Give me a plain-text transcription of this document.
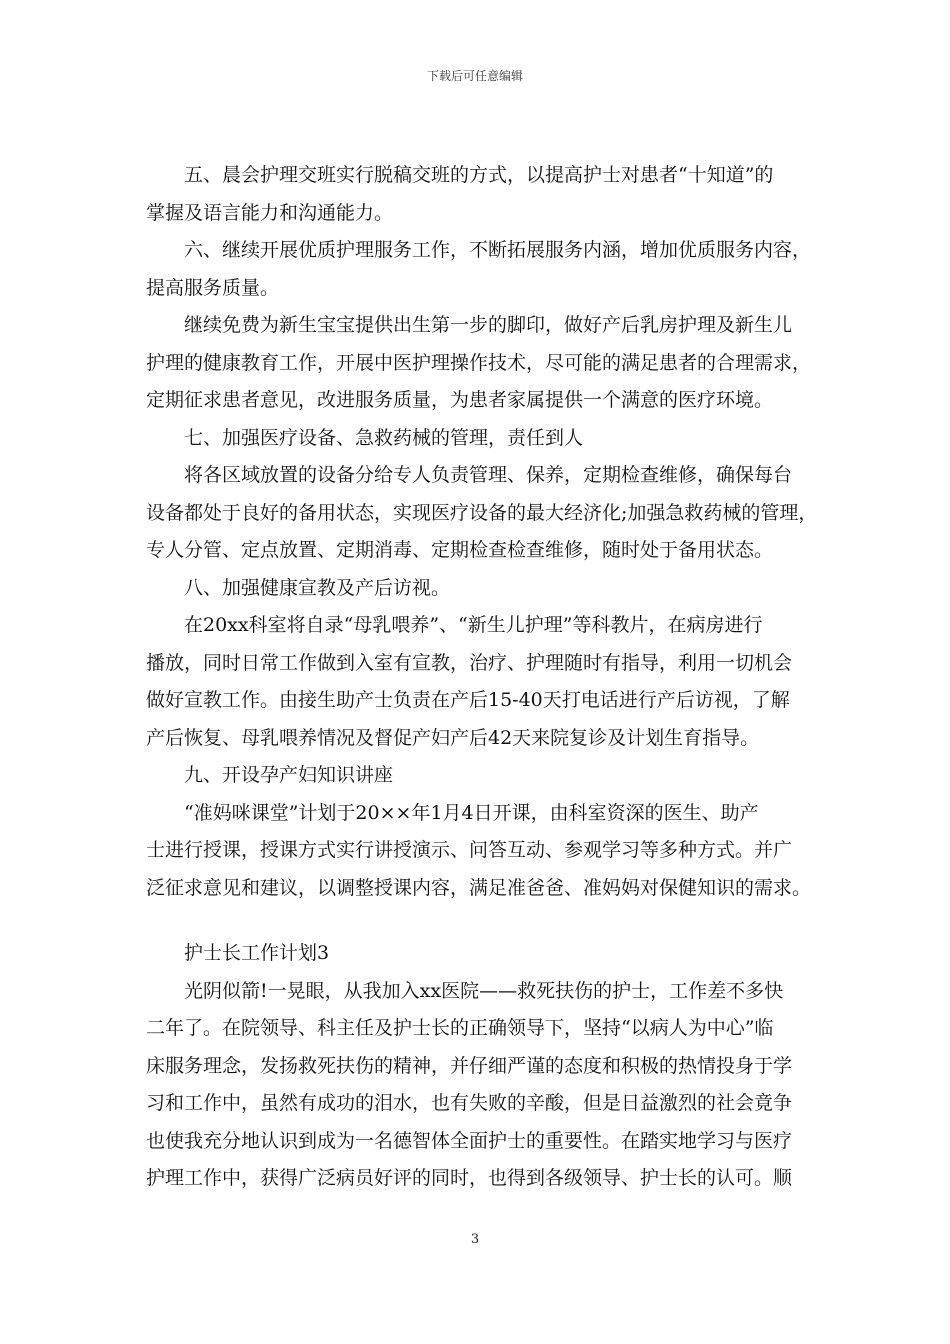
下载后可任意编辑
五、晨会护理交班实行脱稿交班的方式，以提高护士对患者“十知道”的
掌握及语言能力和沟通能力。
六、继续开展优质护理服务工作，不断拓展服务内涵，增加优质服务内容，
提高服务质量。
继续免费为新生宝宝提供出生第一步的脚印，做好产后乳房护理及新生儿
护理的健康教育工作，开展中医护理操作技术，尽可能的满足患者的合理需求，
定期征求患者意见，改进服务质量，为患者家属提供一个满意的医疗环境。
七、加强医疗设备、急救药械的管理，责任到人
将各区域放置的设备分给专人负责管理、保养，定期检查维修，确保每台
设备都处于良好的备用状态，实现医疗设备的最大经济化;加强急救药械的管理，
专人分管、定点放置、定期消毒、定期检查检查维修，随时处于备用状态。
八、加强健康宣教及产后访视。
在20xx科室将自录“母乳喂养”、“新生儿护理”等科教片，在病房进行
播放，同时日常工作做到入室有宣教，治疗、护理随时有指导，利用一切机会
做好宣教工作。由接生助产士负责在产后15-40天打电话进行产后访视，了解
产后恢复、母乳喂养情况及督促产妇产后42天来院复诊及计划生育指导。
九、开设孕产妇知识讲座
“准妈咪课堂”计划于20××年1月4日开课，由科室资深的医生、助产
士进行授课，授课方式实行讲授演示、问答互动、参观学习等多种方式。并广
泛征求意见和建议，以调整授课内容，满足准爸爸、准妈妈对保健知识的需求。
护士长工作计划3
光阴似箭!一晃眼，从我加入xx医院——救死扶伤的护士，工作差不多快
二年了。在院领导、科主任及护士长的正确领导下，坚持“以病人为中心”临
床服务理念，发扬救死扶伤的精神，并仔细严谨的态度和积极的热情投身于学
习和工作中，虽然有成功的泪水，也有失败的辛酸，但是日益激烈的社会竟争
也使我充分地认识到成为一名德智体全面护士的重要性。在踏实地学习与医疗
护理工作中，获得广泛病员好评的同时，也得到各级领导、护士长的认可。顺
3
